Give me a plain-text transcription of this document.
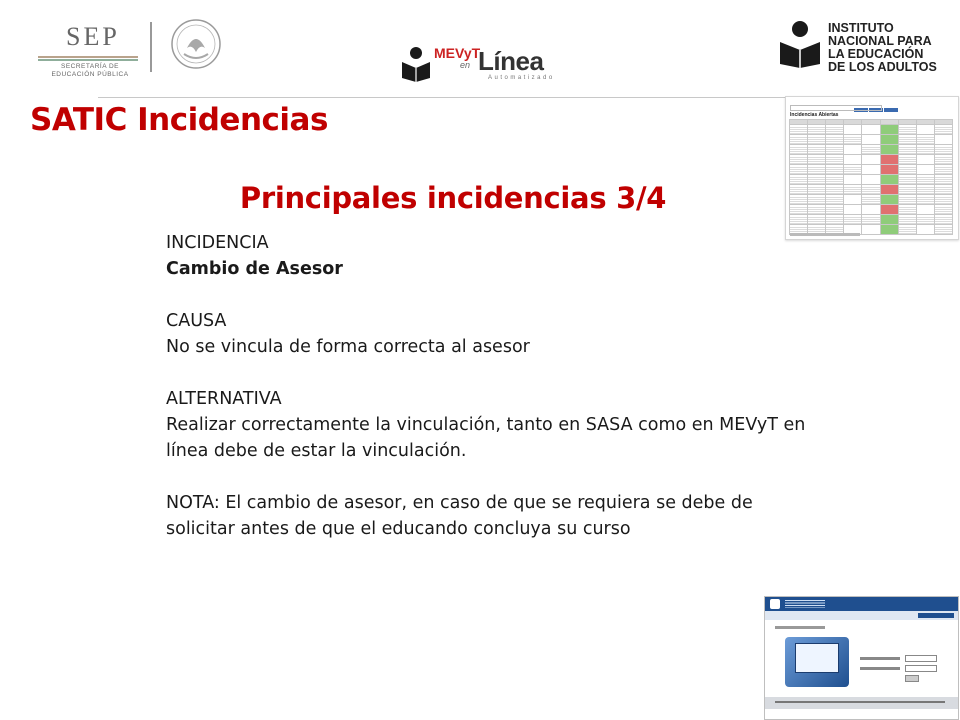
SEP
SECRETARÍA DE EDUCACIÓN PÚBLICA
MEVyT
en Línea
Automatizado
INSTITUTO
NACIONAL PARA
LA EDUCACIÓN
DE LOS ADULTOS
SATIC Incidencias
Principales incidencias 3/4

INCIDENCIA

Cambio de Asesor

CAUSA

No se vincula de forma correcta al asesor

ALTERNATIVA

Realizar correctamente la vinculación, tanto en SASA como en MEVyT en línea debe de estar la vinculación.

NOTA: El cambio de asesor, en caso de que se requiera se debe de solicitar antes de que el educando concluya su curso

Incidencias Abiertas
